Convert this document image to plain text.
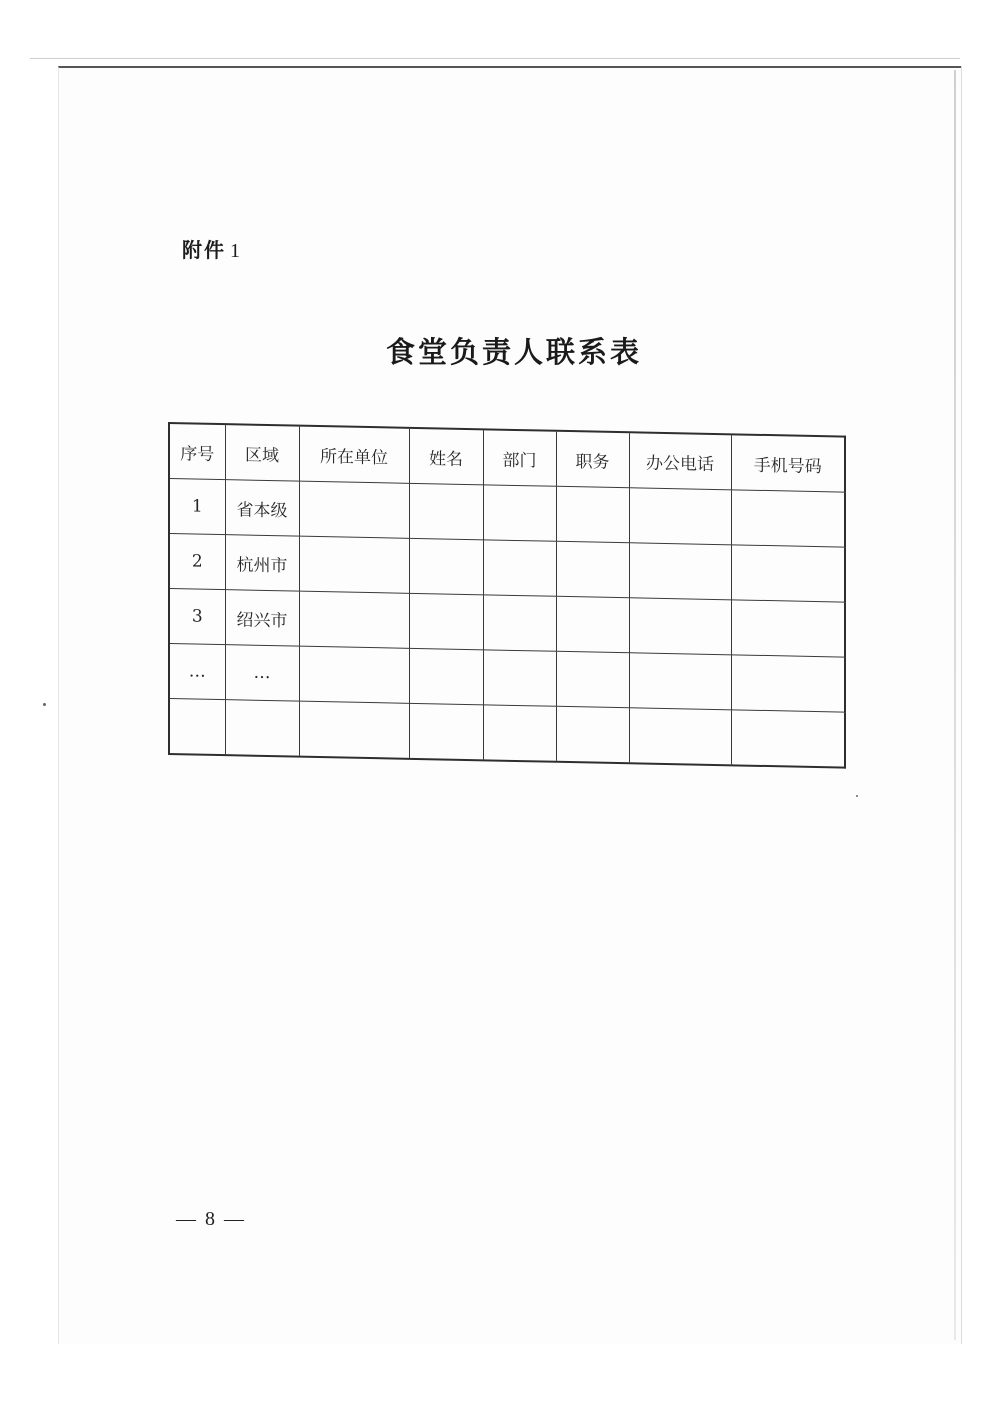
附件 1
食堂负责人联系表
序号	区域	所在单位	姓名	部门	职务	办公电话	手机号码
1	省本级						
2	杭州市						
3	绍兴市						
…	…						

— 8 —
